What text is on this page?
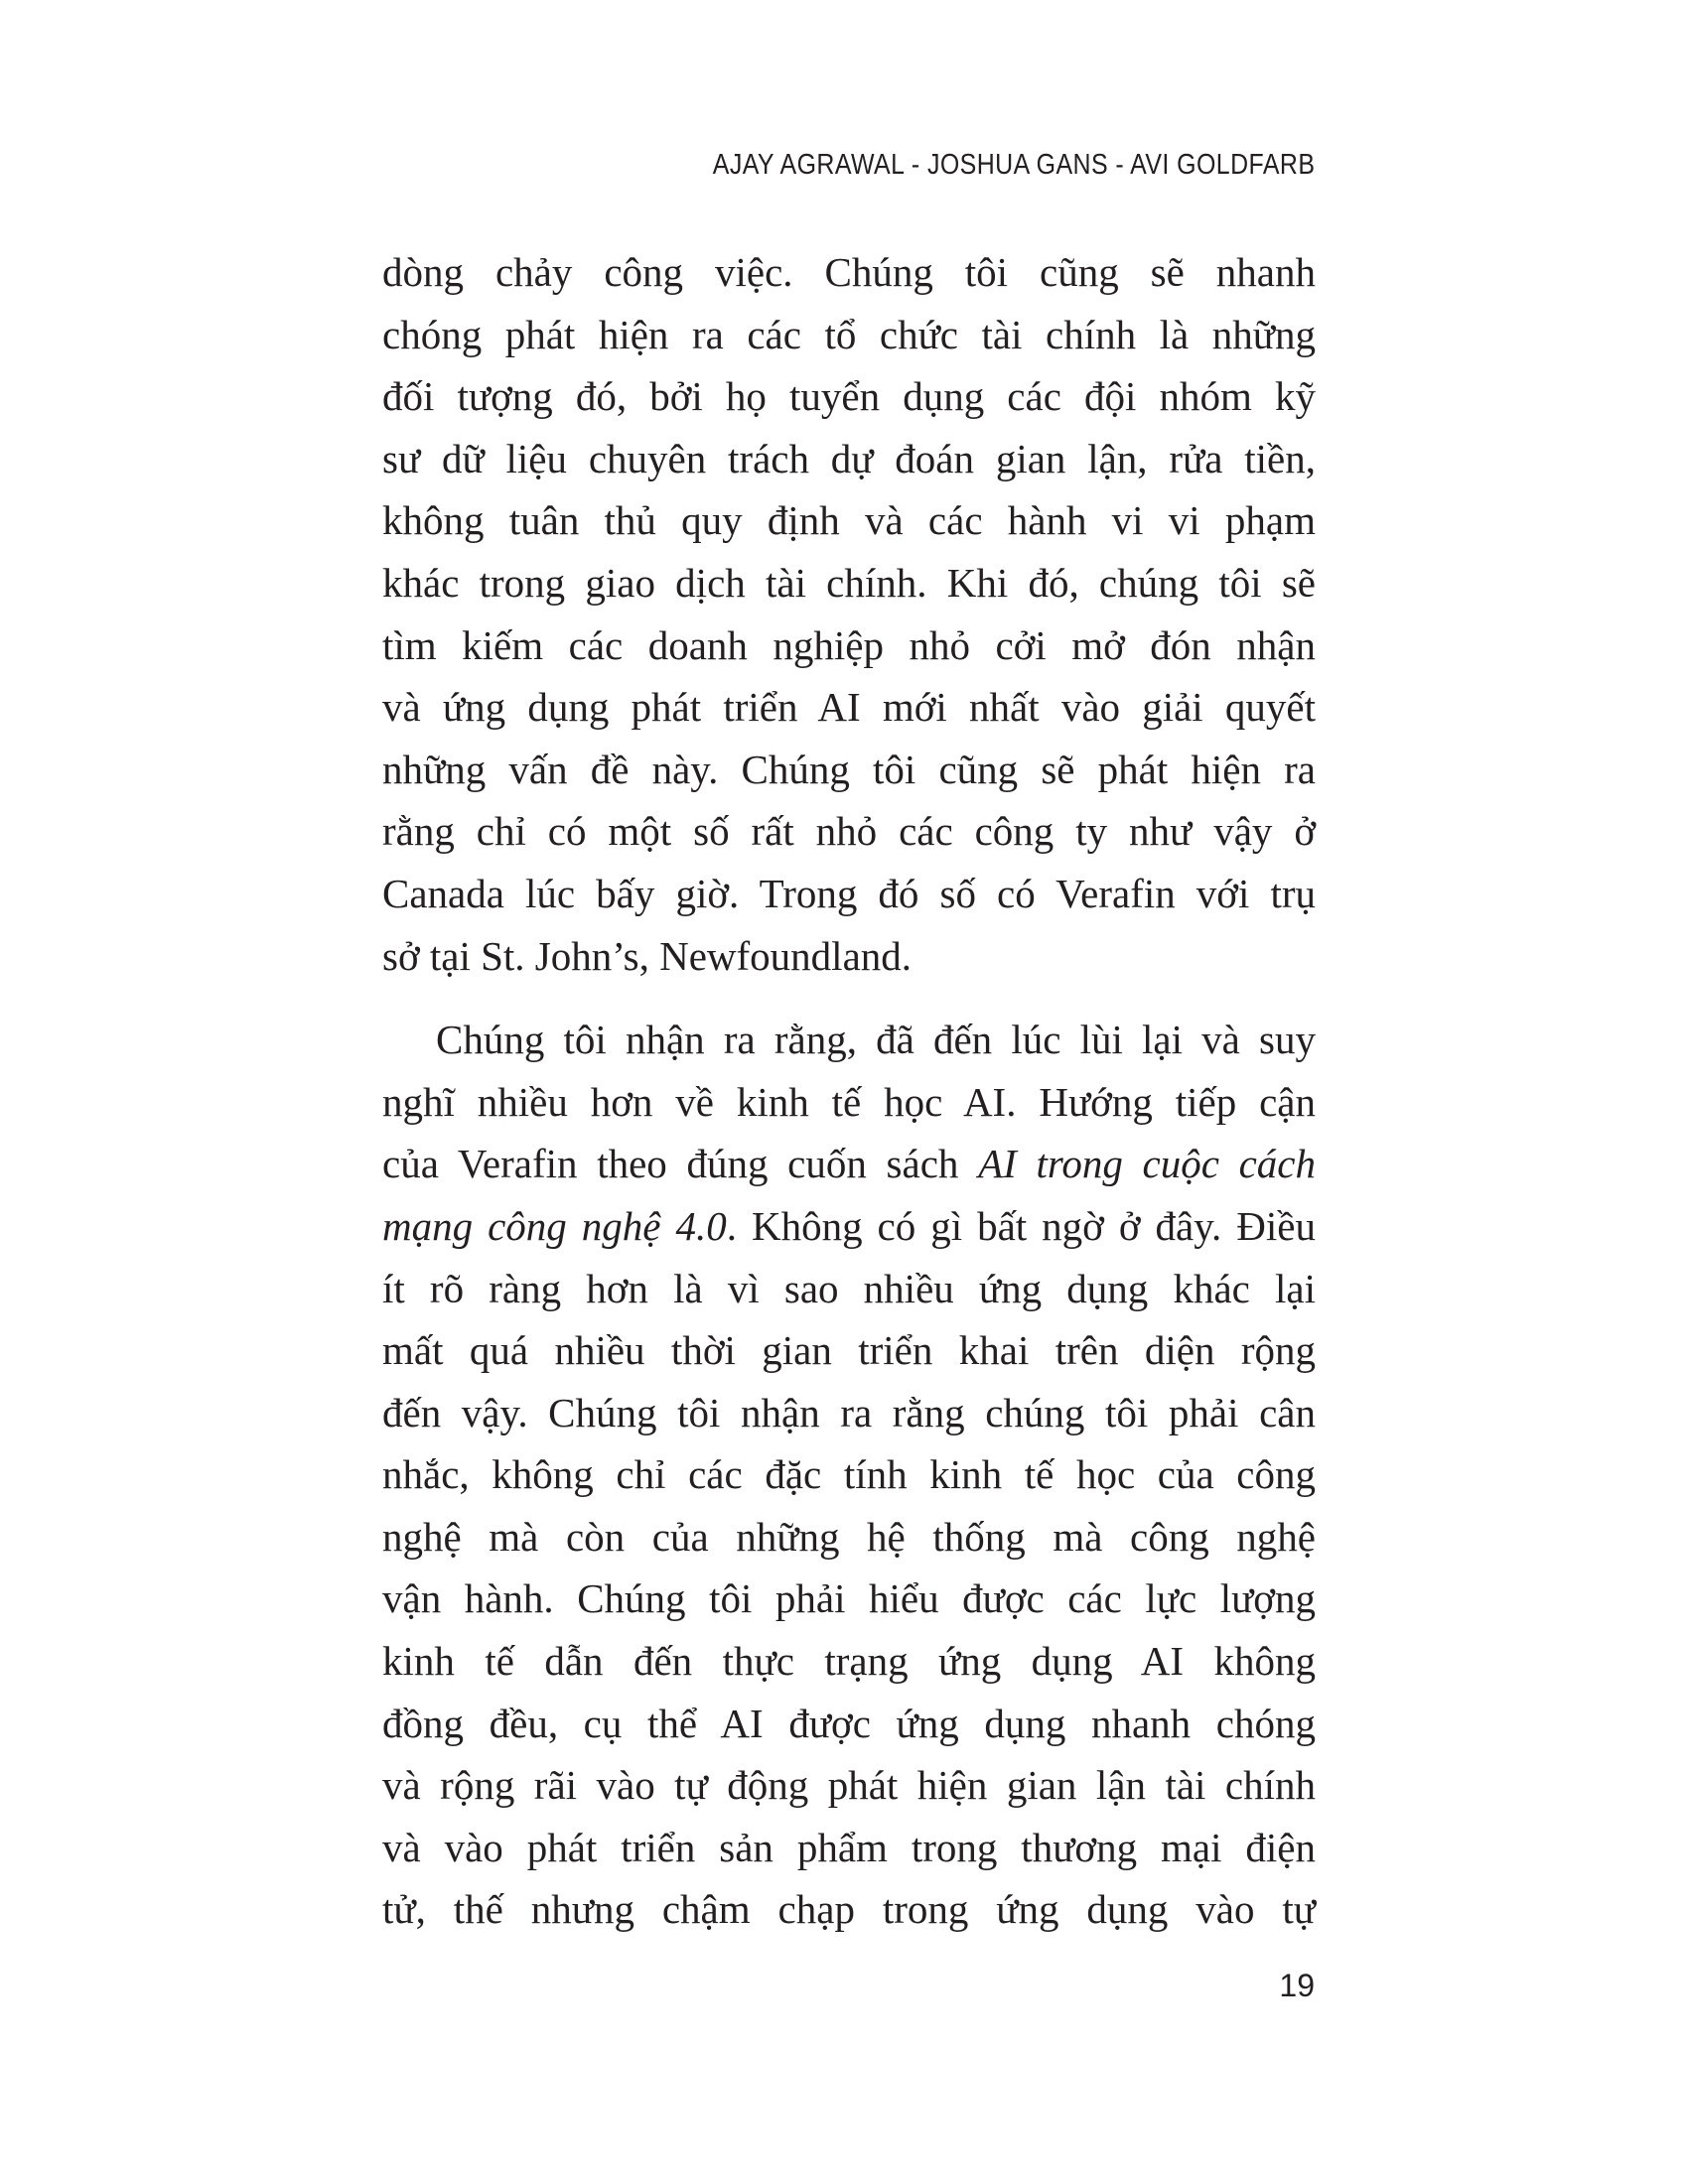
AJAY AGRAWAL - JOSHUA GANS - AVI GOLDFARB
dòng chảy công việc. Chúng tôi cũng sẽ nhanh
chóng phát hiện ra các tổ chức tài chính là những
đối tượng đó, bởi họ tuyển dụng các đội nhóm kỹ
sư dữ liệu chuyên trách dự đoán gian lận, rửa tiền,
không tuân thủ quy định và các hành vi vi phạm
khác trong giao dịch tài chính. Khi đó, chúng tôi sẽ
tìm kiếm các doanh nghiệp nhỏ cởi mở đón nhận
và ứng dụng phát triển AI mới nhất vào giải quyết
những vấn đề này. Chúng tôi cũng sẽ phát hiện ra
rằng chỉ có một số rất nhỏ các công ty như vậy ở
Canada lúc bấy giờ. Trong đó số có Verafin với trụ
sở tại St. John’s, Newfoundland.
Chúng tôi nhận ra rằng, đã đến lúc lùi lại và suy
nghĩ nhiều hơn về kinh tế học AI. Hướng tiếp cận
của Verafin theo đúng cuốn sách AI trong cuộc cách
mạng công nghệ 4.0. Không có gì bất ngờ ở đây. Điều
ít rõ ràng hơn là vì sao nhiều ứng dụng khác lại
mất quá nhiều thời gian triển khai trên diện rộng
đến vậy. Chúng tôi nhận ra rằng chúng tôi phải cân
nhắc, không chỉ các đặc tính kinh tế học của công
nghệ mà còn của những hệ thống mà công nghệ
vận hành. Chúng tôi phải hiểu được các lực lượng
kinh tế dẫn đến thực trạng ứng dụng AI không
đồng đều, cụ thể AI được ứng dụng nhanh chóng
và rộng rãi vào tự động phát hiện gian lận tài chính
và vào phát triển sản phẩm trong thương mại điện
tử, thế nhưng chậm chạp trong ứng dụng vào tự
19
